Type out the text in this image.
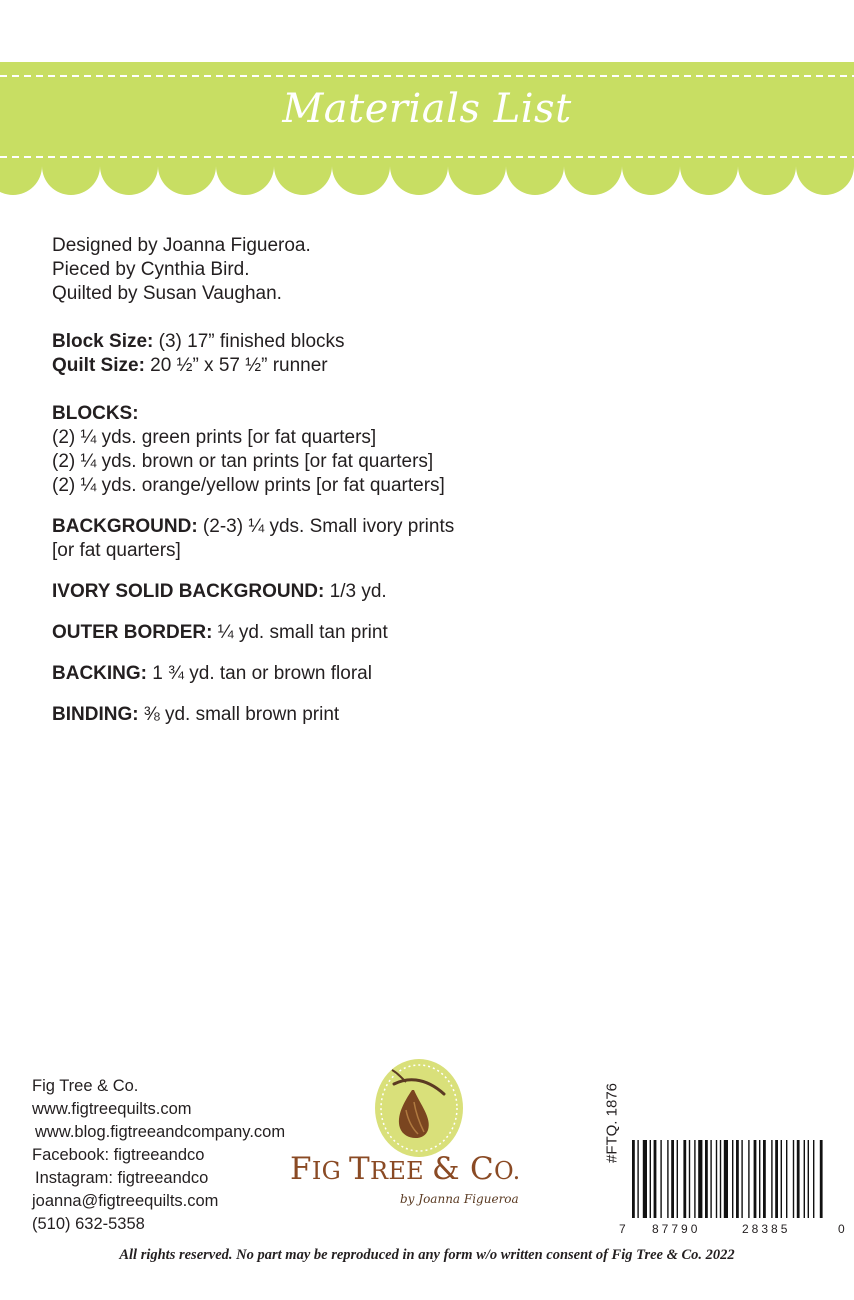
Materials List

Designed by Joanna Figueroa.

Pieced by Cynthia Bird.

Quilted by Susan Vaughan.

Block Size: (3) 17” finished blocks

Quilt Size: 20 ½” x 57 ½” runner

BLOCKS:

(2) ¼ yds. green prints [or fat quarters]

(2) ¼ yds. brown or tan prints [or fat quarters]

(2) ¼ yds. orange/yellow prints [or fat quarters]

BACKGROUND: (2-3) ¼ yds. Small ivory prints

[or fat quarters]

IVORY SOLID BACKGROUND: 1/3 yd.

OUTER BORDER: ¼ yd. small tan print

BACKING: 1 ¾ yd. tan or brown floral

BINDING: ⅜ yd. small brown print

Fig Tree & Co.
www.figtreequilts.com
www.blog.figtreeandcompany.com
Facebook: figtreeandco
Instagram: figtreeandco
joanna@figtreequilts.com
(510) 632-5358
FIG TREE & CO.
by Joanna Figueroa
#FTQ. 1876
7 87790	28385	0
All rights reserved. No part may be reproduced in any form w/o written consent of Fig Tree & Co. 2022
